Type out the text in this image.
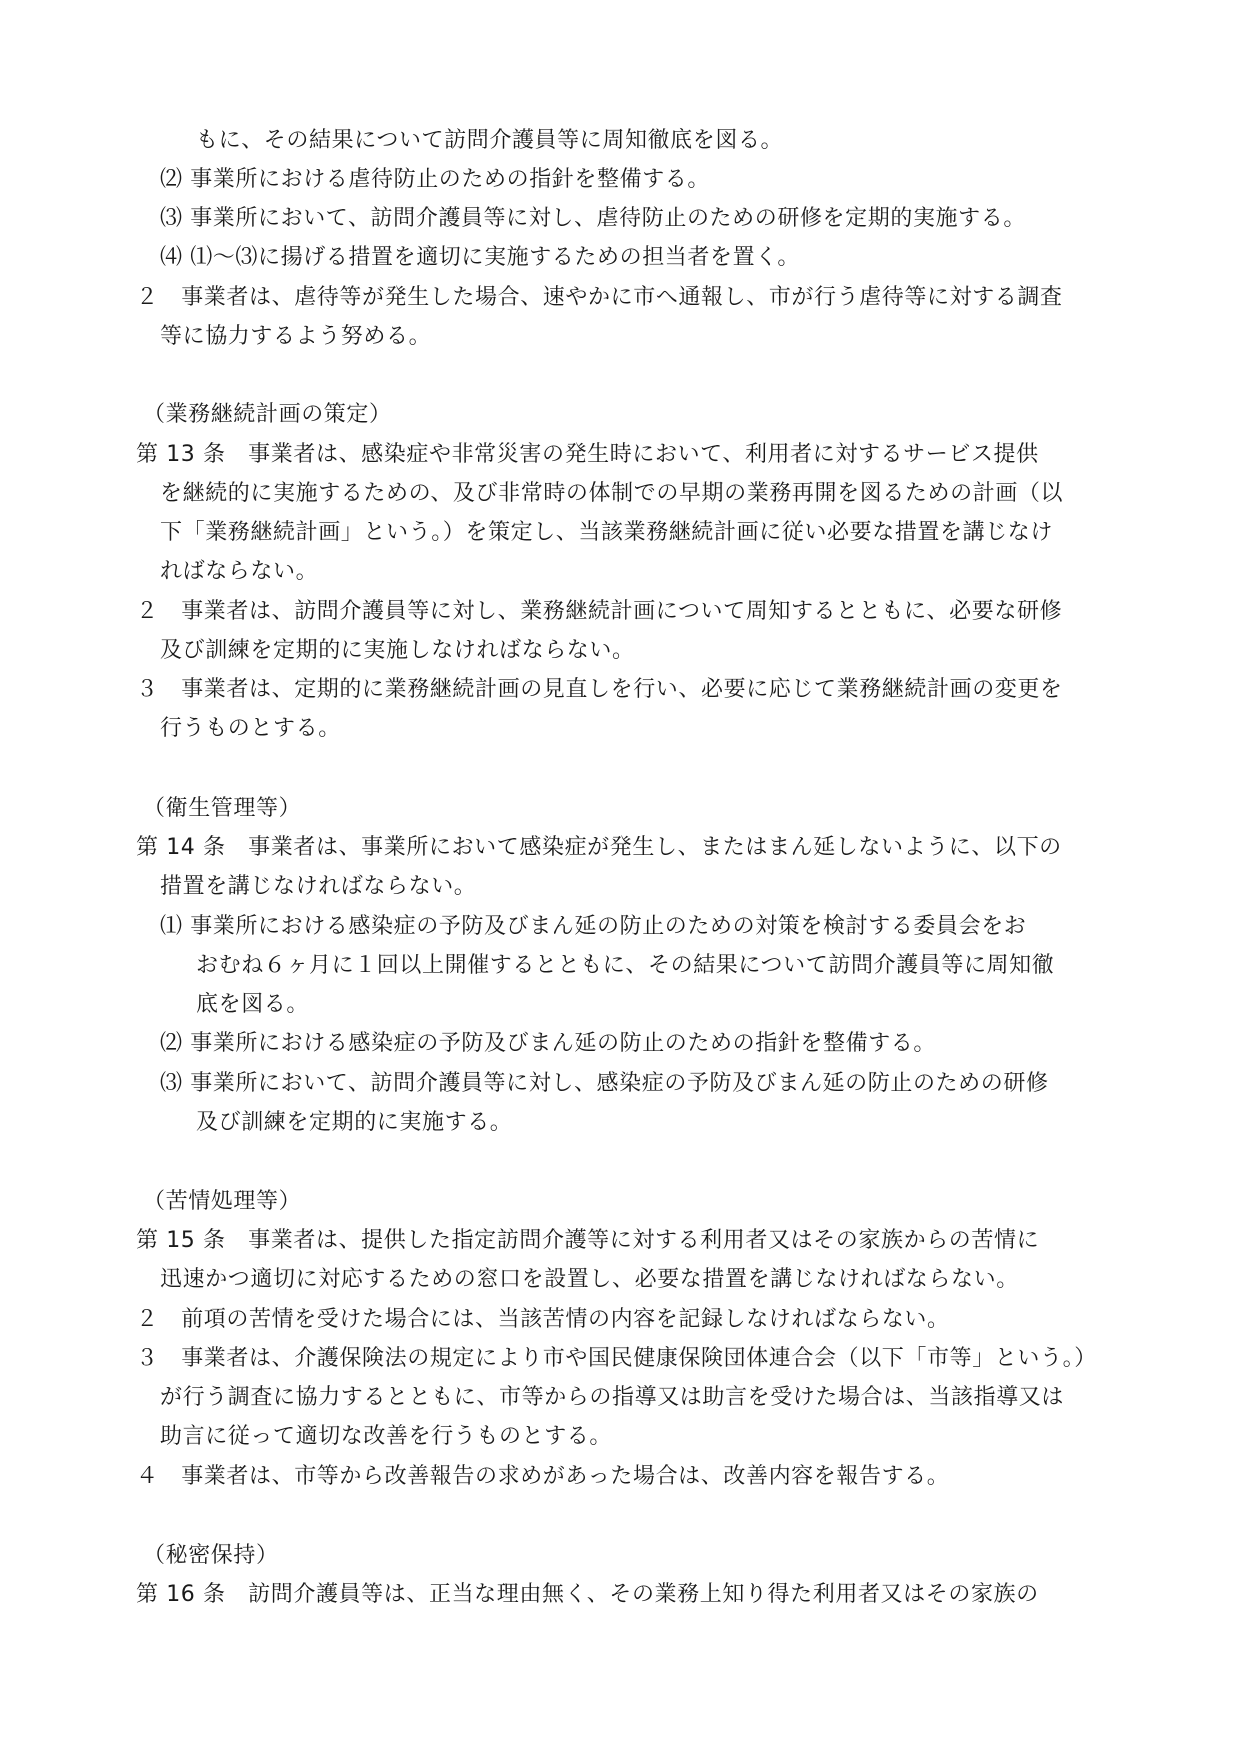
もに、その結果について訪問介護員等に周知徹底を図る。
⑵ 事業所における虐待防止のための指針を整備する。
⑶ 事業所において、訪問介護員等に対し、虐待防止のための研修を定期的実施する。
⑷ ⑴～⑶に揚げる措置を適切に実施するための担当者を置く。
２　事業者は、虐待等が発生した場合、速やかに市へ通報し、市が行う虐待等に対する調査
等に協力するよう努める。
（業務継続計画の策定）
第 13 条　事業者は、感染症や非常災害の発生時において、利用者に対するサービス提供
を継続的に実施するための、及び非常時の体制での早期の業務再開を図るための計画（以
下「業務継続計画」という。）を策定し、当該業務継続計画に従い必要な措置を講じなけ
ればならない。
２　事業者は、訪問介護員等に対し、業務継続計画について周知するとともに、必要な研修
及び訓練を定期的に実施しなければならない。
３　事業者は、定期的に業務継続計画の見直しを行い、必要に応じて業務継続計画の変更を
行うものとする。
（衛生管理等）
第 14 条　事業者は、事業所において感染症が発生し、またはまん延しないように、以下の
措置を講じなければならない。
⑴ 事業所における感染症の予防及びまん延の防止のための対策を検討する委員会をお
おむね６ヶ月に１回以上開催するとともに、その結果について訪問介護員等に周知徹
底を図る。
⑵ 事業所における感染症の予防及びまん延の防止のための指針を整備する。
⑶ 事業所において、訪問介護員等に対し、感染症の予防及びまん延の防止のための研修
及び訓練を定期的に実施する。
（苦情処理等）
第 15 条　事業者は、提供した指定訪問介護等に対する利用者又はその家族からの苦情に
迅速かつ適切に対応するための窓口を設置し、必要な措置を講じなければならない。
２　前項の苦情を受けた場合には、当該苦情の内容を記録しなければならない。
３　事業者は、介護保険法の規定により市や国民健康保険団体連合会（以下「市等」という。）
が行う調査に協力するとともに、市等からの指導又は助言を受けた場合は、当該指導又は
助言に従って適切な改善を行うものとする。
４　事業者は、市等から改善報告の求めがあった場合は、改善内容を報告する。
（秘密保持）
第 16 条　訪問介護員等は、正当な理由無く、その業務上知り得た利用者又はその家族の
